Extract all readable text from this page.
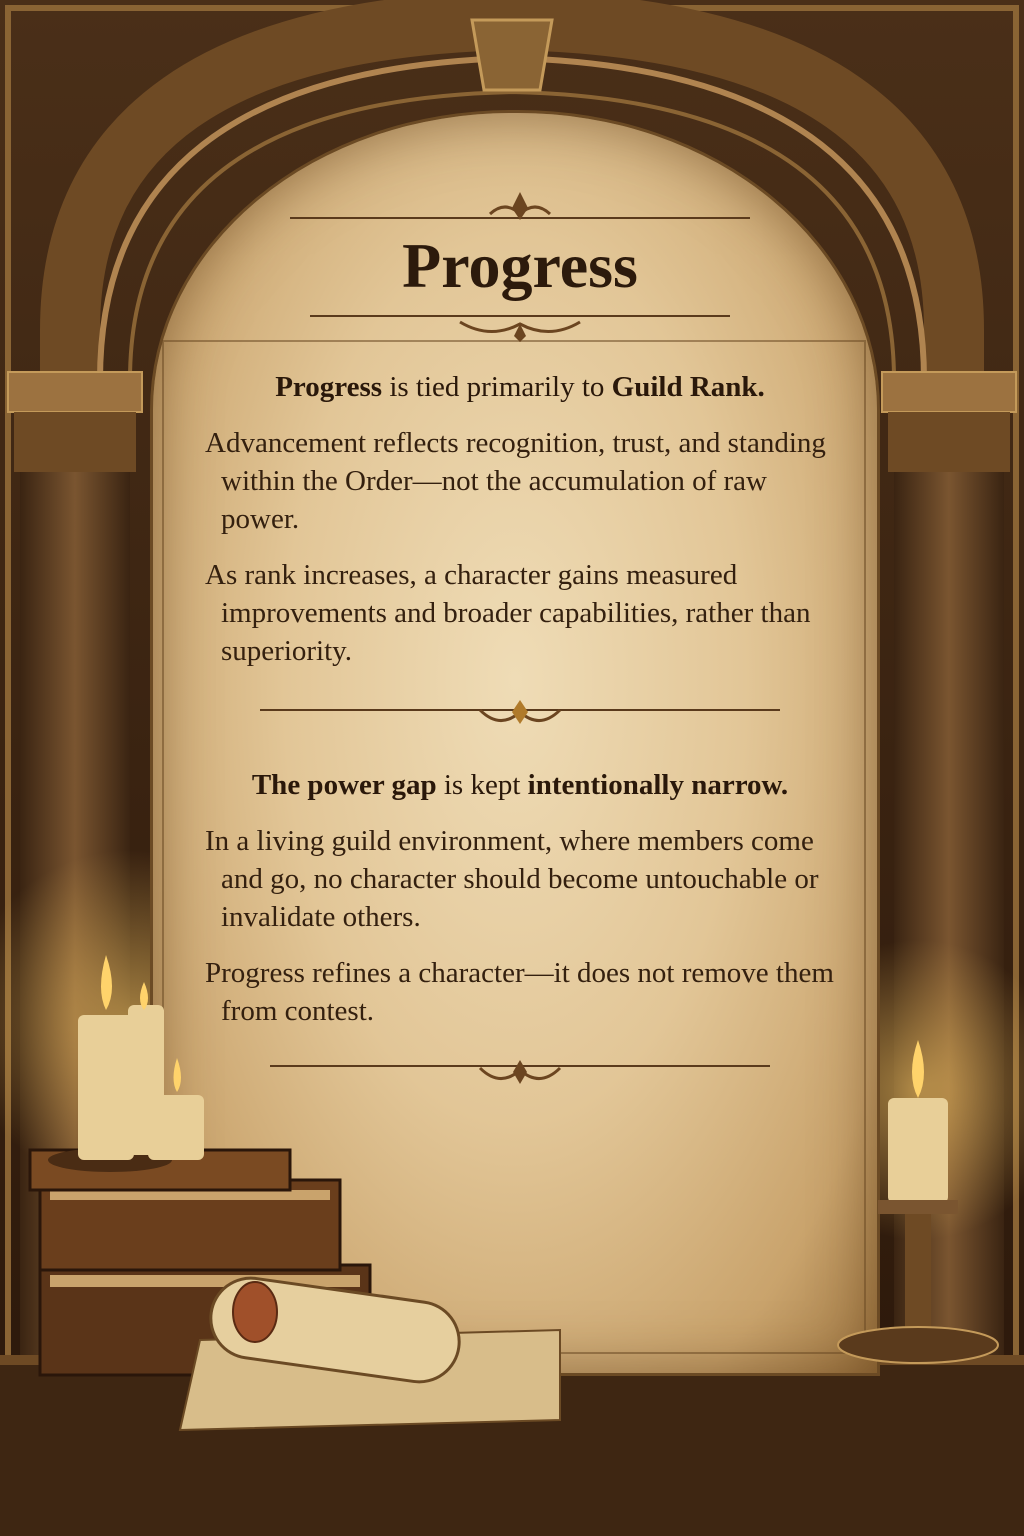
Progress

Progress is tied primarily to Guild Rank.

Advancement reflects recognition, trust, and standing within the Order—not the accumulation of raw power.

As rank increases, a character gains measured improvements and broader capabilities, rather than superiority.

The power gap is kept intentionally narrow.

In a living guild environment, where members come and go, no character should become untouchable or invalidate others.

Progress refines a character—it does not remove them from contest.
